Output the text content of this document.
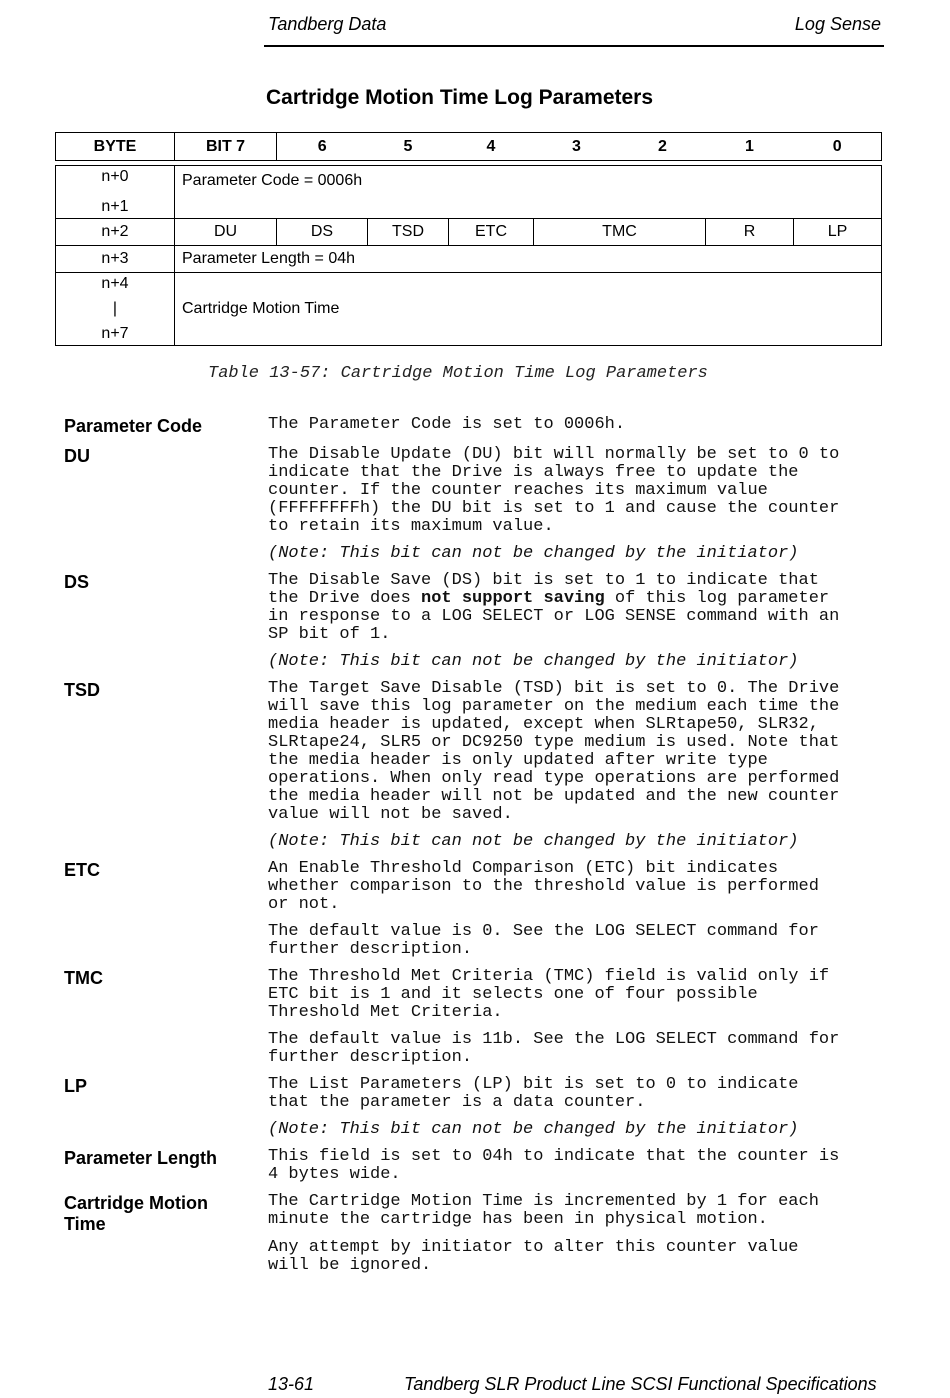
Tandberg Data	Log Sense
Cartridge Motion Time Log Parameters
BYTE	BIT 7	6	5	4	3	2	1	0
n+0
n+1	Parameter Code = 0006h						
n+2	DU	DS	TSD	ETC	TMC	R	LP
n+3	Parameter Length = 04h						

n+4
|
n+7	Cartridge Motion Time						
Table 13-57: Cartridge Motion Time Log Parameters
Parameter Code	The Parameter Code is set to 0006h.
DU	The Disable Update (DU) bit will normally be set to 0 to
indicate that the Drive is always free to update the
counter. If the counter reaches its maximum value
(FFFFFFFFh) the DU bit is set to 1 and cause the counter
to retain its maximum value.
(Note: This bit can not be changed by the initiator)
DS	The Disable Save (DS) bit is set to 1 to indicate that
the Drive does not support saving of this log parameter
in response to a LOG SELECT or LOG SENSE command with an
SP bit of 1.
(Note: This bit can not be changed by the initiator)
TSD	The Target Save Disable (TSD) bit is set to 0. The Drive
will save this log parameter on the medium each time the
media header is updated, except when SLRtape50, SLR32,
SLRtape24, SLR5 or DC9250 type medium is used. Note that
the media header is only updated after write type
operations. When only read type operations are performed
the media header will not be updated and the new counter
value will not be saved.
(Note: This bit can not be changed by the initiator)
ETC	An Enable Threshold Comparison (ETC) bit indicates
whether comparison to the threshold value is performed
or not.
The default value is 0. See the LOG SELECT command for
further description.
TMC	The Threshold Met Criteria (TMC) field is valid only if
ETC bit is 1 and it selects one of four possible
Threshold Met Criteria.
The default value is 11b. See the LOG SELECT command for
further description.
LP	The List Parameters (LP) bit is set to 0 to indicate
that the parameter is a data counter.
(Note: This bit can not be changed by the initiator)
Parameter Length	This field is set to 04h to indicate that the counter is
4 bytes wide.
Cartridge Motion
Time
The Cartridge Motion Time is incremented by 1 for each
minute the cartridge has been in physical motion.
Any attempt by initiator to alter this counter value
will be ignored.
13-61	Tandberg SLR Product Line SCSI Functional Specifications
